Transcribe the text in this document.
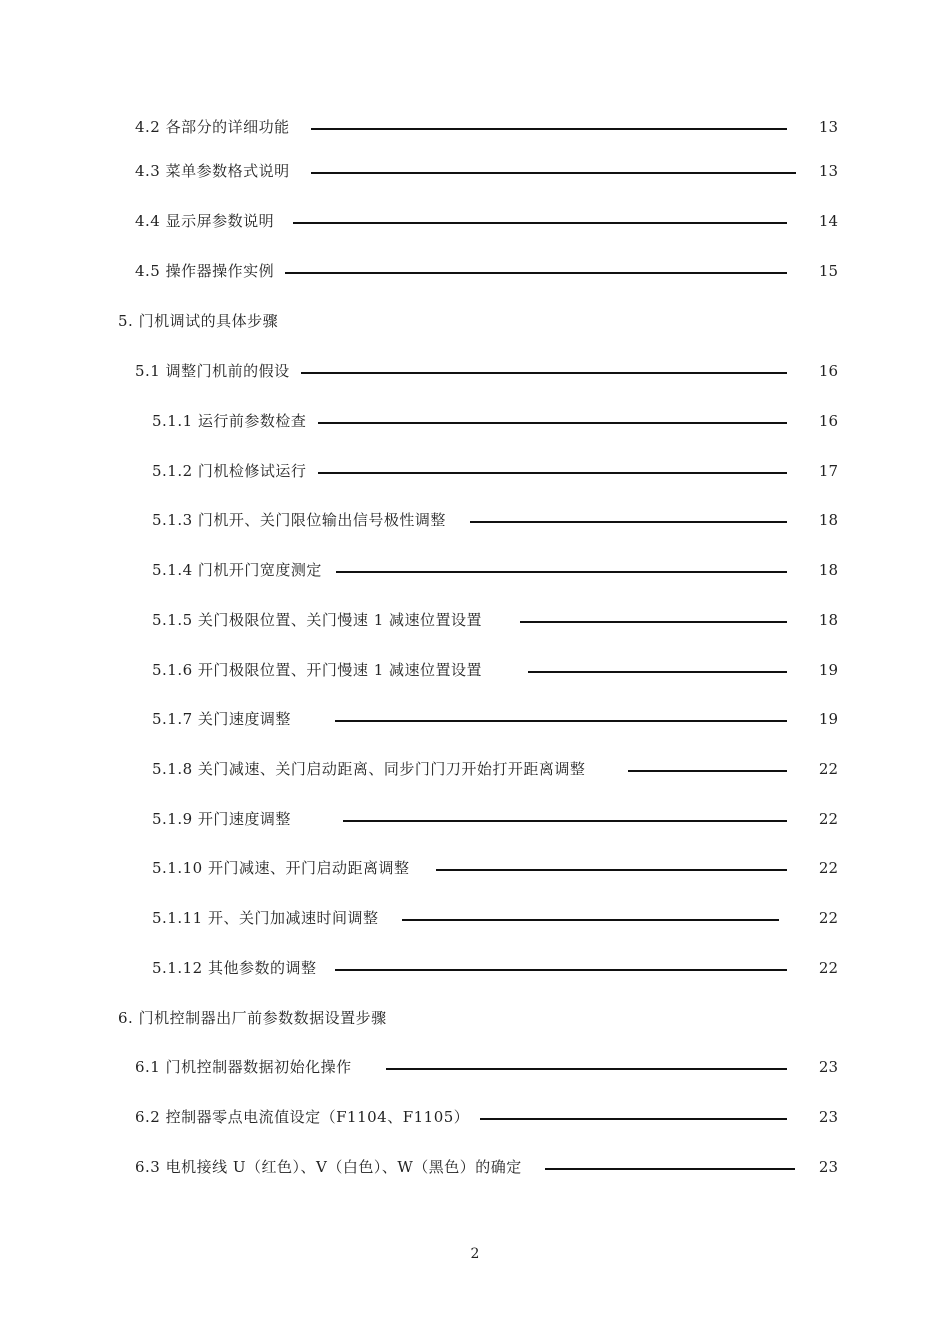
4.2 各部分的详细功能	13
4.3 菜单参数格式说明	13
4.4 显示屏参数说明	14
4.5 操作器操作实例	15
5. 门机调试的具体步骤
5.1 调整门机前的假设	16
5.1.1 运行前参数检查	16
5.1.2 门机检修试运行	17
5.1.3 门机开、关门限位输出信号极性调整	18
5.1.4 门机开门宽度测定	18
5.1.5 关门极限位置、关门慢速 1 减速位置设置	18
5.1.6 开门极限位置、开门慢速 1 减速位置设置	19
5.1.7 关门速度调整	19
5.1.8 关门减速、关门启动距离、同步门门刀开始打开距离调整	22
5.1.9 开门速度调整	22
5.1.10 开门减速、开门启动距离调整	22
5.1.11 开、关门加减速时间调整	22
5.1.12 其他参数的调整	22
6. 门机控制器出厂前参数数据设置步骤
6.1 门机控制器数据初始化操作	23
6.2 控制器零点电流值设定（F1104、F1105）	23
6.3 电机接线 U（红色）、V（白色）、W（黑色）的确定	23
2
